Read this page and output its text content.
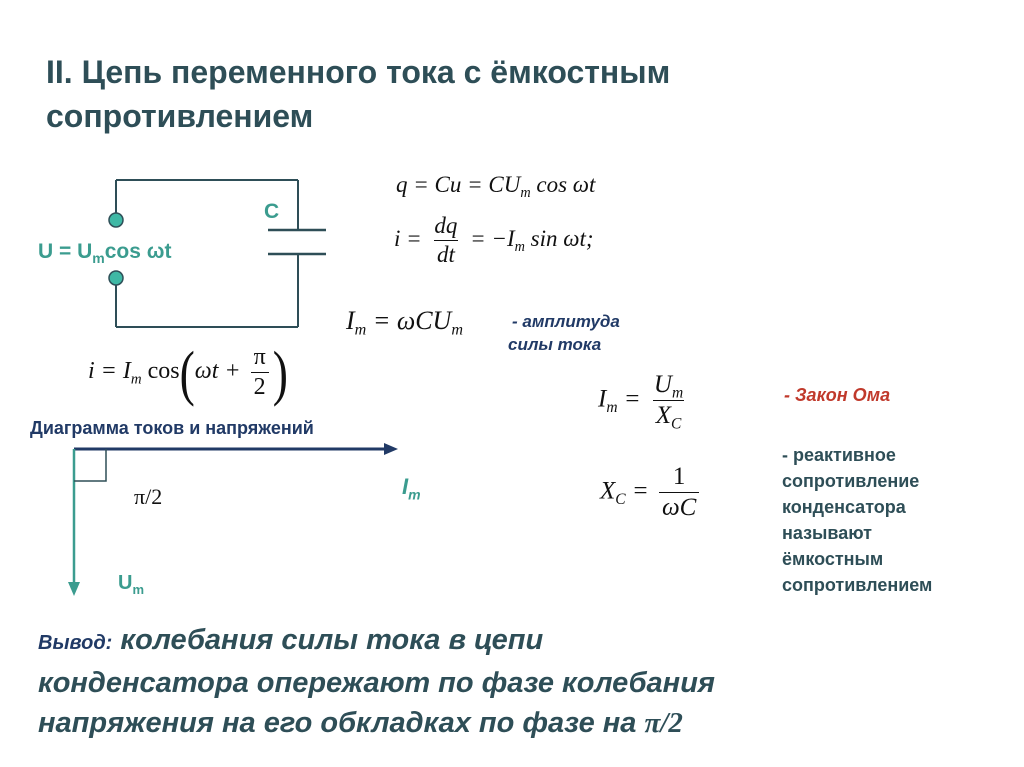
II. Цепь переменного тока с ёмкостным сопротивлением
$U = U_m\cos$ ωt
C
$q = Cu = CU_m$ cos ωt
$i = \frac{dq}{dt} = -I_m$ sin ωt;
$I_m = \omega CU_m$	- амплитуда
силы тока
$i = I_m$ $\cos(\omega t + \frac{\pi}{2}$ )	$I_m = \frac{U_m}{X_C}$	- Закон Ома
$X_C = \frac{1}{\omega C}$
- реактивное
сопротивление
конденсатора
называют
ёмкостным
сопротивлением
Диаграмма токов и напряжений
π/2	$I_m$
$U_m$
Вывод: колебания силы тока в цепи
конденсатора опережают по фазе колебания
напряжения на его обкладках по фазе на π/2
